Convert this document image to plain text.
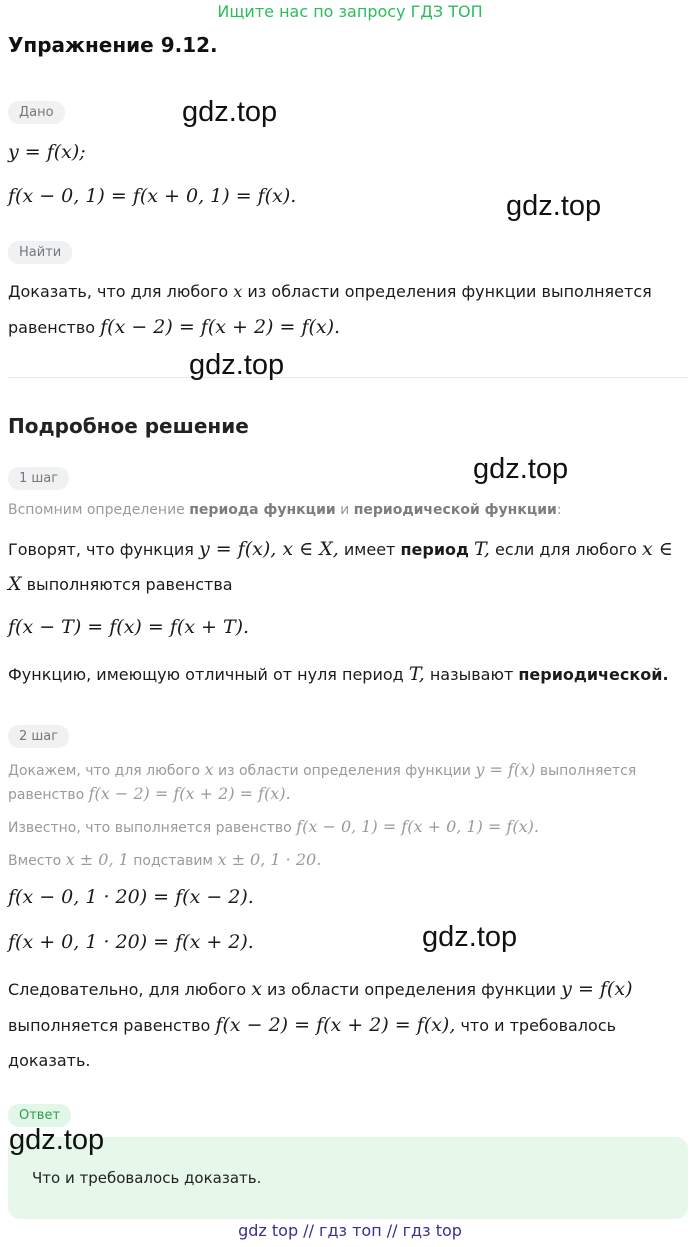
Ищите нас по запросу ГДЗ ТОП
Упражнение 9.12.
Дано
y = f(x);
f(x − 0, 1) = f(x + 0, 1) = f(x).
Найти
Доказать, что для любого x из области определения функции выполняется
равенство f(x − 2) = f(x + 2) = f(x).
Подробное решение
1 шаг
Вспомним определение периода функции и периодической функции:
Говорят, что функция y = f(x), x ∈ X, имеет период T, если для любого x ∈
X выполняются равенства
f(x − T) = f(x) = f(x + T).
Функцию, имеющую отличный от нуля период T, называют периодической.
2 шаг
Докажем, что для любого x из области определения функции y = f(x) выполняется
равенство f(x − 2) = f(x + 2) = f(x).
Известно, что выполняется равенство f(x − 0, 1) = f(x + 0, 1) = f(x).
Вместо x ± 0, 1 подставим x ± 0, 1 · 20.
f(x − 0, 1 · 20) = f(x − 2).
f(x + 0, 1 · 20) = f(x + 2).
Следовательно, для любого x из области определения функции y = f(x)
выполняется равенство f(x − 2) = f(x + 2) = f(x), что и требовалось
доказать.
Ответ
Что и требовалось доказать.
gdz.top
gdz.top
gdz.top
gdz.top
gdz.top
gdz.top
gdz top // гдз топ // гдз top
